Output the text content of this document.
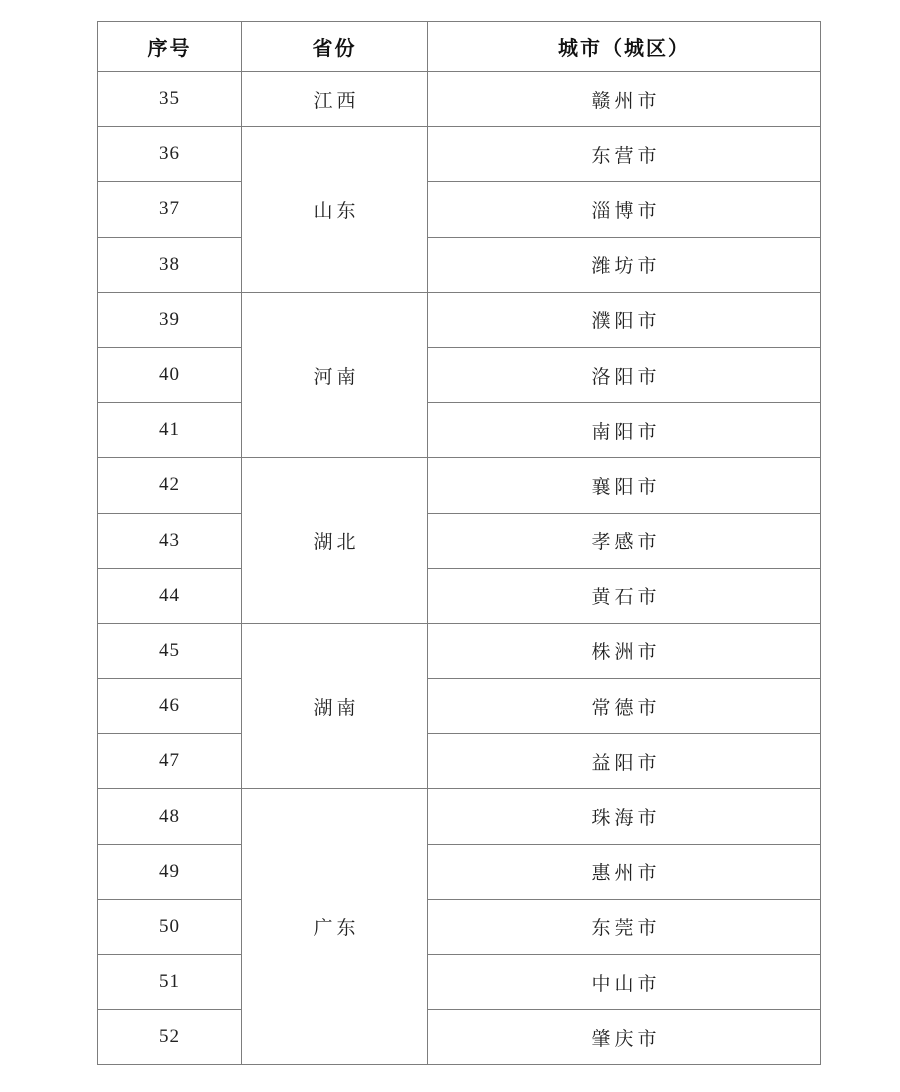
序号	省份	城市（城区）
35	江西	赣州市
36	山东	东营市
37		淄博市
38		潍坊市
39	河南	濮阳市
40		洛阳市
41		南阳市
42	湖北	襄阳市
43		孝感市
44		黄石市
45	湖南	株洲市
46		常德市
47		益阳市
48	广东	珠海市
49		惠州市
50		东莞市
51		中山市
52		肇庆市
